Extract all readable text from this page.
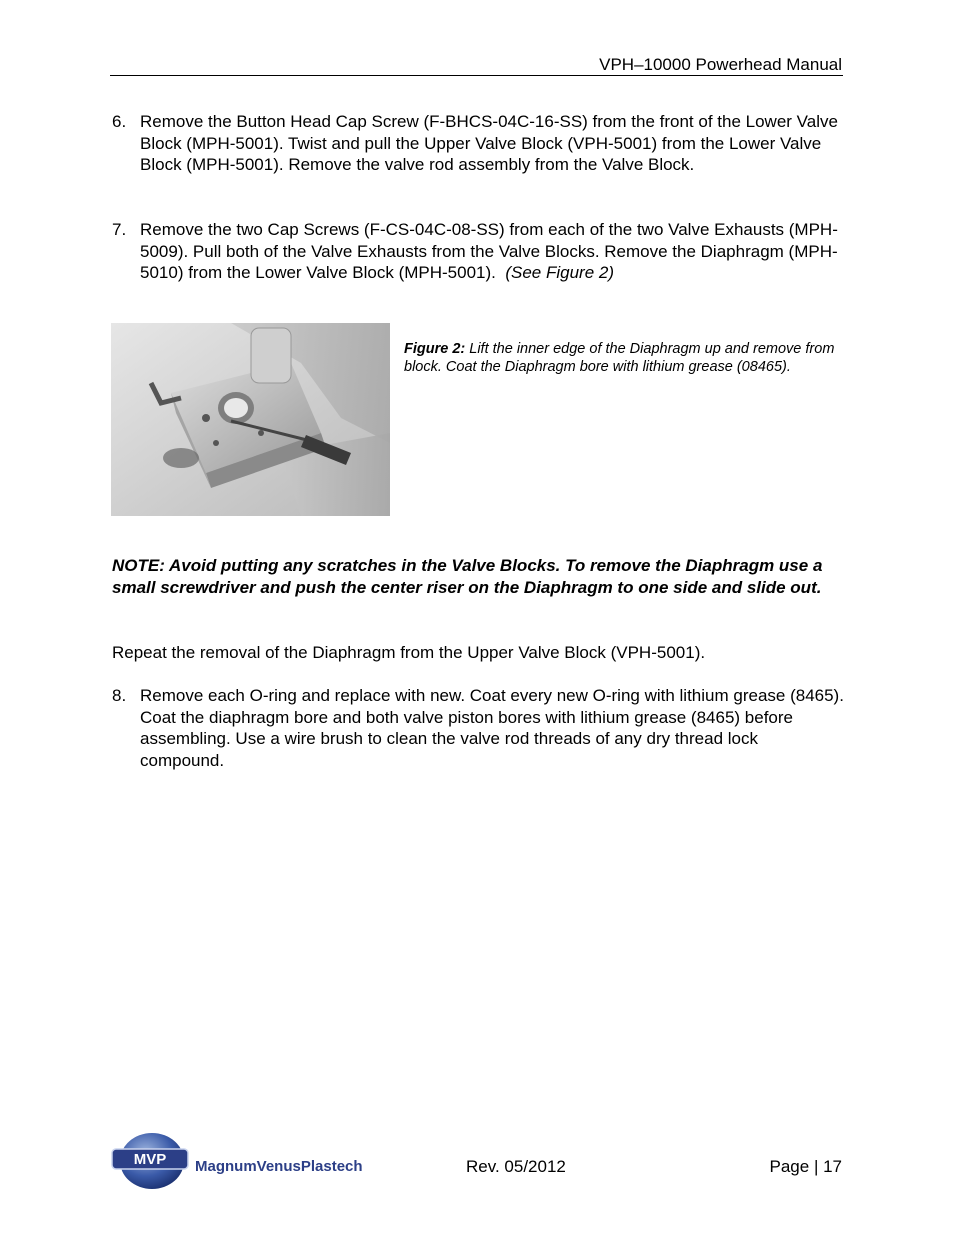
VPH–10000 Powerhead Manual
6. Remove the Button Head Cap Screw (F-BHCS-04C-16-SS) from the front of the Lower Valve Block (MPH-5001). Twist and pull the Upper Valve Block (VPH-5001) from the Lower Valve Block (MPH-5001). Remove the valve rod assembly from the Valve Block.
7. Remove the two Cap Screws (F-CS-04C-08-SS) from each of the two Valve Exhausts (MPH-5009). Pull both of the Valve Exhausts from the Valve Blocks. Remove the Diaphragm (MPH-5010) from the Lower Valve Block (MPH-5001). (See Figure 2)
Figure 2: Lift the inner edge of the Diaphragm up and remove from block. Coat the Diaphragm bore with lithium grease (08465).
NOTE: Avoid putting any scratches in the Valve Blocks. To remove the Diaphragm use a small screwdriver and push the center riser on the Diaphragm to one side and slide out.
Repeat the removal of the Diaphragm from the Upper Valve Block (VPH-5001).
8. Remove each O-ring and replace with new. Coat every new O-ring with lithium grease (8465). Coat the diaphragm bore and both valve piston bores with lithium grease (8465) before assembling. Use a wire brush to clean the valve rod threads of any dry thread lock compound.
MVP MagnumVenusPlastech	Rev. 05/2012	Page | 17
